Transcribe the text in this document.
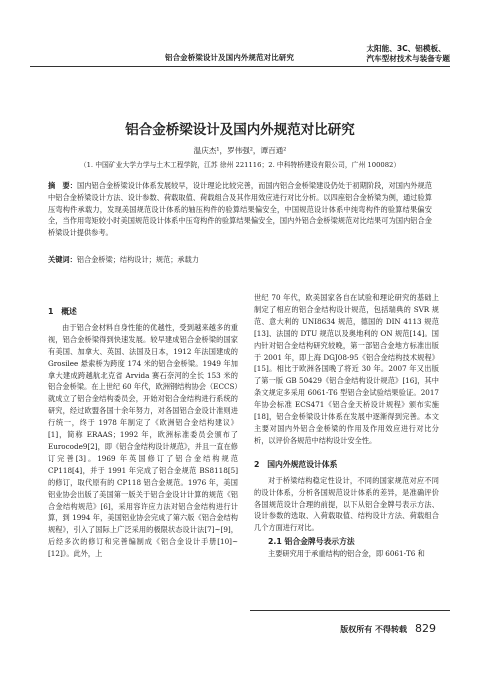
铝合金桥梁设计及国内外规范对比研究
太阳能、3C、铝模板、
汽车型材技术与装备专题
铝合金桥梁设计及国内外规范对比研究
温庆杰¹，罗伟强²，谭百通²
（1. 中国矿业大学力学与土木工程学院，江苏 徐州 221116；2. 中科特桥建设有限公司，广州 100082）
摘　要：国内铝合金桥梁设计体系发展较早，设计理论比较完善，而国内铝合金桥梁建设仍处于初期阶段，对国内外规范中铝合金桥梁设计方法、设计参数、荷载取值、荷载组合及其作用效应进行对比分析。以四座铝合金桥梁为例，通过验算压弯构件承载力，发现美国规范设计体系的轴压构件的验算结果偏安全，中国规范设计体系中纯弯构件的验算结果偏安全，当作用弯矩较小时美国规范设计体系中压弯构件的验算结果偏安全，国内外铝合金桥梁规范对比结果可为国内铝合金桥梁设计提供参考。
关键词：铝合金桥梁；结构设计；规范；承载力
1　概述
由于铝合金材料自身性能的优越性，受到越来越多的重视，铝合金桥梁得到快速发展。较早建成铝合金桥梁的国家有美国、加拿大、英国、法国及日本，1912 年法国建成的 Grosilee 悬索桥为跨度 174 米的铝合金桥梁。1949 年加拿大建成跨越航北克省 Arvida 赛石奈河的全长 153 米的铝合金桥梁。在上世纪 60 年代，欧洲钢结构协会（ECCS）就成立了铝合金结构委员会，开始对铝合金结构进行系统的研究，经过欧盟各国十余年努力，对各国铝合金设计准则进行统一，终于 1978 年制定了《欧洲铝合金结构建议》[1]，简称 ERAAS；1992 年，欧洲标准委员会颁布了 Eurocode9[2]，即《铝合金结构设计规范》，并且一直在修订完善[3]。1969 年英国修订了铝合金结构规范 CP118[4]，并于 1991 年完成了铝合金规范 BS8118[5] 的修订，取代原有的 CP118 铝合金规范。1976 年，美国铝业协会出版了美国第一版关于铝合金设计计算的规范《铝合金结构规范》[6]，采用容许应力法对铝合金结构进行计算，到 1994 年，美国铝业协会完成了第六版《铝合金结构规程》，引入了国际上广泛采用的极限状态设计法[7]~[9]，后经多次的修订和完善编制成《铝合金设计手册[10]~[12]》。此外，上
世纪 70 年代，欧美国家各自在试验和理论研究的基础上制定了相应的铝合金结构设计规范，包括瑞典的 SVR 规范、意大利的 UNI8634 规范，德国的 DIN 4113 规范[13]、法国的 DTU 规范以及奥地利的 ON 规范[14]。国内针对铝合金结构研究较晚，第一部铝合金地方标准出版于 2001 年，即上海 DGJ08-95《铝合金结构技术规程》[15]。相比于欧洲各国晚了将近 30 年。2007 年又出版了第一版 GB 50429《铝合金结构设计规范》[16]，其中条文规定多采用 6061-T6 型铝合金试验结果验证。2017 年协会标准 ECS471《铝合金天桥设计规程》颁布实施[18]，铝合金桥梁设计体系在发展中逐渐得到完善。本文主要对国内外铝合金桥梁的作用及作用效应进行对比分析，以评价各规范中结构设计安全性。
2　国内外规范设计体系
对于桥梁结构稳定性设计，不同的国家规范对应不同的设计体系，分析各国规范设计体系的差异，是准确评价各国规范设计合理的前提，以下从铝合金牌号表示方法、设计参数的选取、入荷载取值、结构设计方法、荷载组合几个方面进行对比。
2.1 铝合金牌号表示方法
主要研究用于承重结构的铝合金，即 6061-T6 和
版权所有 不得转载 829
